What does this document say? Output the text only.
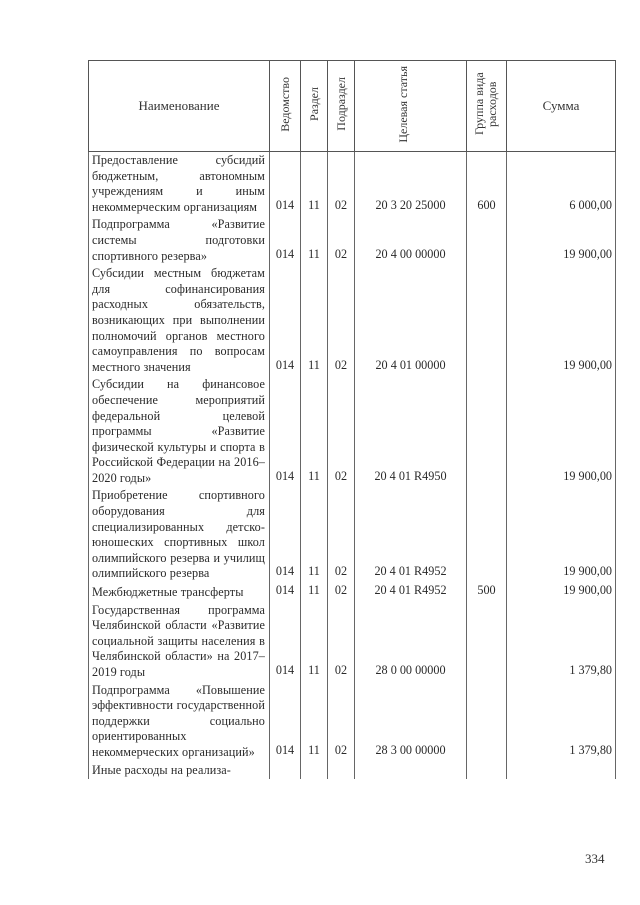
Наименование	Ведомство	Раздел	Подраздел	Целевая статья	Группа вида расходов	Сумма
Предоставление субсидий бюджетным, автономным учреждениям и иным некоммерческим организациям	014	11	02	20 3 20 25000	600	6 000,00
Подпрограмма «Развитие системы подготовки спортивного резерва»	014	11	02	20 4 00 00000		19 900,00
Субсидии местным бюджетам для софинансирования расходных обязательств, возникающих при выполнении полномочий органов местного самоуправления по вопросам местного значения	014	11	02	20 4 01 00000		19 900,00
Субсидии на финансовое обеспечение мероприятий федеральной целевой программы «Развитие физической культуры и спорта в Российской Федерации на 2016–2020 годы»	014	11	02	20 4 01 R4950		19 900,00
Приобретение спортивного оборудования для специализированных детско-юношеских спортивных школ олимпийского резерва и училищ олимпийского резерва	014	11	02	20 4 01 R4952		19 900,00
Межбюджетные трансферты	014	11	02	20 4 01 R4952	500	19 900,00
Государственная программа Челябинской области «Развитие социальной защиты населения в Челябинской области» на 2017–2019 годы	014	11	02	28 0 00 00000		1 379,80
Подпрограмма «Повышение эффективности государственной поддержки социально ориентированных некоммерческих организаций»	014	11	02	28 3 00 00000		1 379,80
Иные расходы на реализа-						
334
